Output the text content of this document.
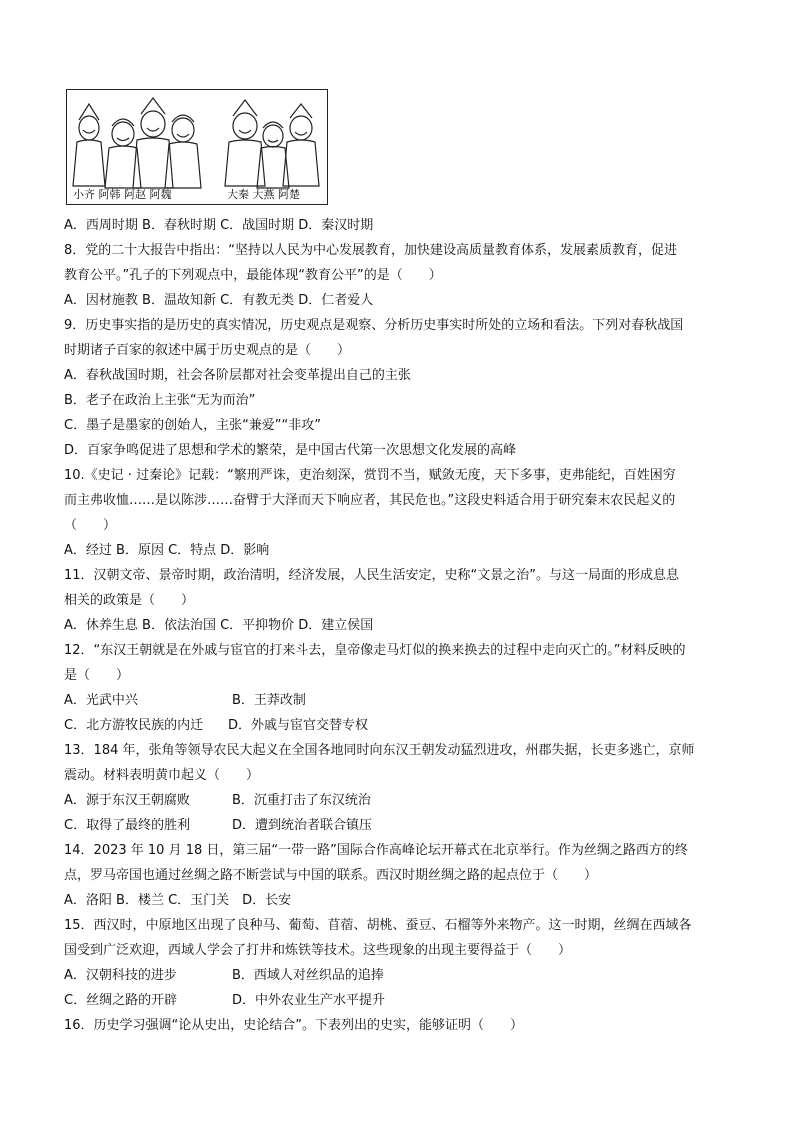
小齐 阿韩 阿赵 阿魏	大秦 大燕 阿楚
A．西周时期 B．春秋时期 C．战国时期 D．秦汉时期
8．党的二十大报告中指出：“坚持以人民为中心发展教育，加快建设高质量教育体系，发展素质教育，促进
教育公平。”孔子的下列观点中，最能体现“教育公平”的是（　　）
A．因材施教 B．温故知新 C．有教无类 D．仁者爱人
9．历史事实指的是历史的真实情况，历史观点是观察、分析历史事实时所处的立场和看法。下列对春秋战国
时期诸子百家的叙述中属于历史观点的是（　　）
A．春秋战国时期，社会各阶层都对社会变革提出自己的主张
B．老子在政治上主张“无为而治”
C．墨子是墨家的创始人，主张“兼爱”“非攻”
D．百家争鸣促进了思想和学术的繁荣，是中国古代第一次思想文化发展的高峰
10.《史记 · 过秦论》记载：“繁刑严诛，吏治刻深，赏罚不当，赋敛无度，天下多事，吏弗能纪，百姓困穷
而主弗收恤……是以陈涉……奋臂于大泽而天下响应者，其民危也。”这段史料适合用于研究秦末农民起义的
（　　）
A．经过 B．原因 C．特点 D．影响
11．汉朝文帝、景帝时期，政治清明，经济发展，人民生活安定，史称“文景之治”。与这一局面的形成息息
相关的政策是（　　）
A．休养生息 B．依法治国 C．平抑物价 D．建立侯国
12．“东汉王朝就是在外戚与宦官的打来斗去，皇帝像走马灯似的换来换去的过程中走向灭亡的。”材料反映的
是（　　）
A．光武中兴	B．王莽改制
C．北方游牧民族的内迁 D．外戚与宦官交替专权
13．184 年，张角等领导农民大起义在全国各地同时向东汉王朝发动猛烈进攻，州郡失据，长吏多逃亡，京师
震动。材料表明黄巾起义（　　）
A．源于东汉王朝腐败	B．沉重打击了东汉统治
C．取得了最终的胜利	D．遭到统治者联合镇压
14．2023 年 10 月 18 日，第三届“一带一路”国际合作高峰论坛开幕式在北京举行。作为丝绸之路西方的终
点，罗马帝国也通过丝绸之路不断尝试与中国的联系。西汉时期丝绸之路的起点位于（　　）
A．洛阳 B．楼兰 C．玉门关　D．长安
15．西汉时，中原地区出现了良种马、葡萄、苜蓿、胡桃、蚕豆、石榴等外来物产。这一时期，丝绸在西域各
国受到广泛欢迎，西域人学会了打井和炼铁等技术。这些现象的出现主要得益于（　　）
A．汉朝科技的进步	B．西域人对丝织品的追捧
C．丝绸之路的开辟	D．中外农业生产水平提升
16．历史学习强调“论从史出，史论结合”。下表列出的史实，能够证明（　　）
